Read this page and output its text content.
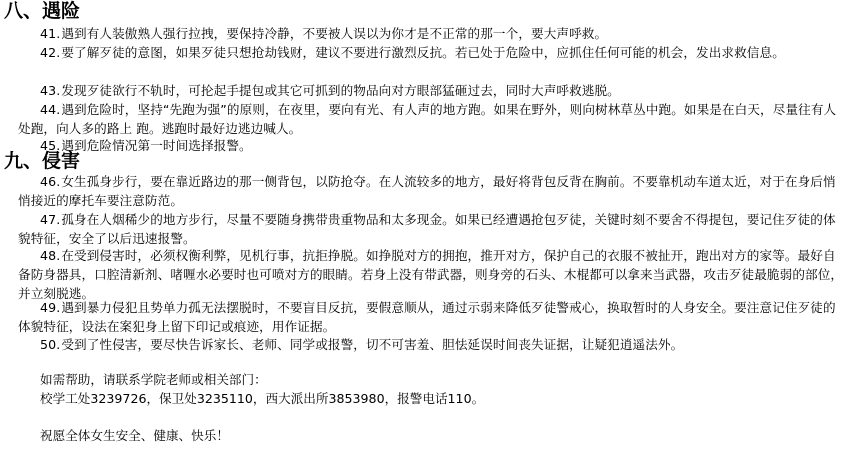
八、遇险

41.遇到有人装傲熟人强行拉拽，要保持冷静，不要被人误以为你才是不正常的那一个，要大声呼救。

42.要了解歹徒的意图，如果歹徒只想抢劫钱财，建议不要进行激烈反抗。若已处于危险中，应抓住任何可能的机会，发出求救信息。

43.发现歹徒欲行不轨时，可抡起手提包或其它可抓到的物品向对方眼部猛砸过去，同时大声呼救逃脱。

44.遇到危险时，坚持“先跑为强”的原则，在夜里，要向有光、有人声的地方跑。如果在野外，则向树林草丛中跑。如果是在白天，尽量往有人处跑，向人多的路上 跑。逃跑时最好边逃边喊人。

45.遇到危险情况第一时间选择报警。

九、侵害

46.女生孤身步行，要在靠近路边的那一侧背包，以防抢夺。在人流较多的地方，最好将背包反背在胸前。不要靠机动车道太近，对于在身后悄悄接近的摩托车要注意防范。

47.孤身在人烟稀少的地方步行，尽量不要随身携带贵重物品和太多现金。如果已经遭遇抢包歹徒，关键时刻不要舍不得提包，要记住歹徒的体貌特征，安全了以后迅速报警。

48.在受到侵害时，必须权衡利弊，见机行事，抗拒挣脱。如挣脱对方的拥抱，推开对方，保护自己的衣服不被扯开，跑出对方的家等。最好自备防身器具，口腔清新剂、啫喱水必要时也可喷对方的眼睛。若身上没有带武器，则身旁的石头、木棍都可以拿来当武器，攻击歹徒最脆弱的部位，并立刻脱逃。

49.遇到暴力侵犯且势单力孤无法摆脱时，不要盲目反抗，要假意顺从，通过示弱来降低歹徒警戒心，换取暂时的人身安全。要注意记住歹徒的体貌特征，设法在案犯身上留下印记或痕迹，用作证据。

50.受到了性侵害，要尽快告诉家长、老师、同学或报警，切不可害羞、胆怯延误时间丧失证据，让疑犯逍遥法外。

如需帮助，请联系学院老师或相关部门：

校学工处3239726，保卫处3235110，西大派出所3853980，报警电话110。

祝愿全体女生安全、健康、快乐！
